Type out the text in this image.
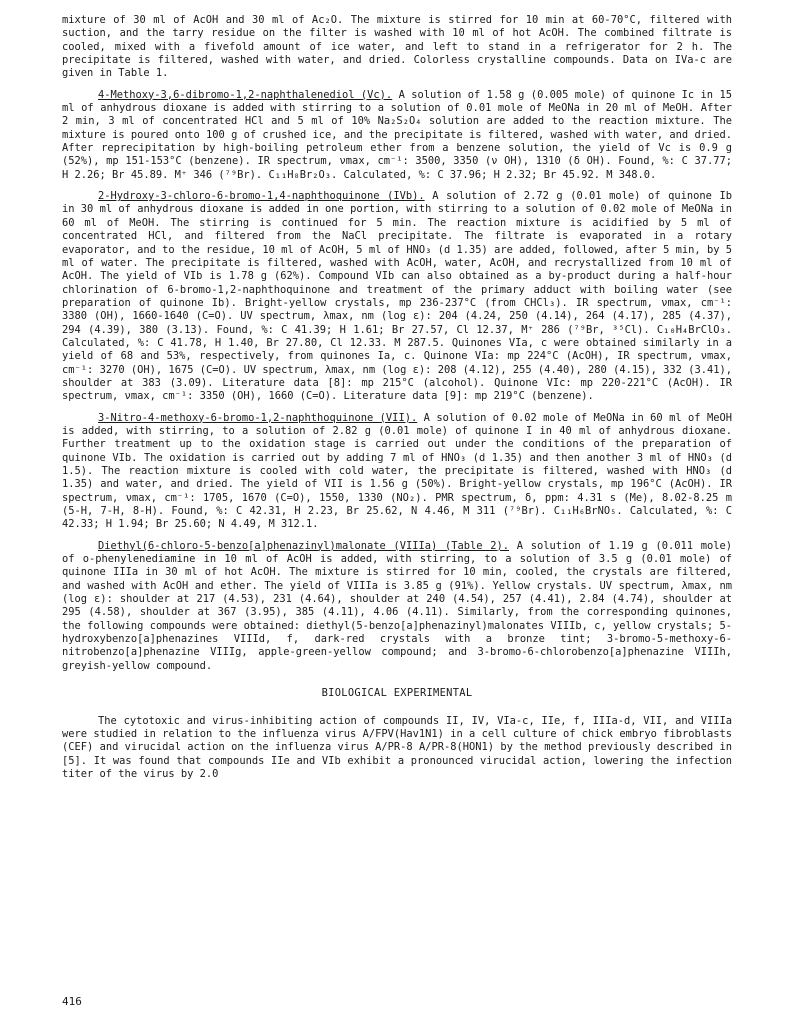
mixture of 30 ml of AcOH and 30 ml of Ac₂O. The mixture is stirred for 10 min at 60-70°C, filtered with suction, and the tarry residue on the filter is washed with 10 ml of hot AcOH. The combined filtrate is cooled, mixed with a fivefold amount of ice water, and left to stand in a refrigerator for 2 h. The precipitate is filtered, washed with water, and dried. Colorless crystalline compounds. Data on IVa-c are given in Table 1.

4-Methoxy-3,6-dibromo-1,2-naphthalenediol (Vc). A solution of 1.58 g (0.005 mole) of quinone Ic in 15 ml of anhydrous dioxane is added with stirring to a solution of 0.01 mole of MeONa in 20 ml of MeOH. After 2 min, 3 ml of concentrated HCl and 5 ml of 10% Na₂S₂O₄ solution are added to the reaction mixture. The mixture is poured onto 100 g of crushed ice, and the precipitate is filtered, washed with water, and dried. After reprecipitation by high-boiling petroleum ether from a benzene solution, the yield of Vc is 0.9 g (52%), mp 151-153°C (benzene). IR spectrum, νmax, cm⁻¹: 3500, 3350 (ν OH), 1310 (δ OH). Found, %: C 37.77; H 2.26; Br 45.89. M⁺ 346 (⁷⁹Br). C₁₁H₈Br₂O₃. Calculated, %: C 37.96; H 2.32; Br 45.92. M 348.0.

2-Hydroxy-3-chloro-6-bromo-1,4-naphthoquinone (IVb). A solution of 2.72 g (0.01 mole) of quinone Ib in 30 ml of anhydrous dioxane is added in one portion, with stirring to a solution of 0.02 mole of MeONa in 60 ml of MeOH. The stirring is continued for 5 min. The reaction mixture is acidified by 5 ml of concentrated HCl, and filtered from the NaCl precipitate. The filtrate is evaporated in a rotary evaporator, and to the residue, 10 ml of AcOH, 5 ml of HNO₃ (d 1.35) are added, followed, after 5 min, by 5 ml of water. The precipitate is filtered, washed with AcOH, water, AcOH, and recrystallized from 10 ml of AcOH. The yield of VIb is 1.78 g (62%). Compound VIb can also obtained as a by-product during a half-hour chlorination of 6-bromo-1,2-naphthoquinone and treatment of the primary adduct with boiling water (see preparation of quinone Ib). Bright-yellow crystals, mp 236-237°C (from CHCl₃). IR spectrum, νmax, cm⁻¹: 3380 (OH), 1660-1640 (C=O). UV spectrum, λmax, nm (log ε): 204 (4.24, 250 (4.14), 264 (4.17), 285 (4.37), 294 (4.39), 380 (3.13). Found, %: C 41.39; H 1.61; Br 27.57, Cl 12.37, M⁺ 286 (⁷⁹Br, ³⁵Cl). C₁₀H₄BrClO₃. Calculated, %: C 41.78, H 1.40, Br 27.80, Cl 12.33. M 287.5. Quinones VIa, c were obtained similarly in a yield of 68 and 53%, respectively, from quinones Ia, c. Quinone VIa: mp 224°C (AcOH), IR spectrum, νmax, cm⁻¹: 3270 (OH), 1675 (C=O). UV spectrum, λmax, nm (log ε): 208 (4.12), 255 (4.40), 280 (4.15), 332 (3.41), shoulder at 383 (3.09). Literature data [8]: mp 215°C (alcohol). Quinone VIc: mp 220-221°C (AcOH). IR spectrum, νmax, cm⁻¹: 3350 (OH), 1660 (C=O). Literature data [9]: mp 219°C (benzene).

3-Nitro-4-methoxy-6-bromo-1,2-naphthoquinone (VII). A solution of 0.02 mole of MeONa in 60 ml of MeOH is added, with stirring, to a solution of 2.82 g (0.01 mole) of quinone I in 40 ml of anhydrous dioxane. Further treatment up to the oxidation stage is carried out under the conditions of the preparation of quinone VIb. The oxidation is carried out by adding 7 ml of HNO₃ (d 1.35) and then another 3 ml of HNO₃ (d 1.5). The reaction mixture is cooled with cold water, the precipitate is filtered, washed with HNO₃ (d 1.35) and water, and dried. The yield of VII is 1.56 g (50%). Bright-yellow crystals, mp 196°C (AcOH). IR spectrum, νmax, cm⁻¹: 1705, 1670 (C=O), 1550, 1330 (NO₂). PMR spectrum, δ, ppm: 4.31 s (Me), 8.02-8.25 m (5-H, 7-H, 8-H). Found, %: C 42.31, H 2.23, Br 25.62, N 4.46, M 311 (⁷⁹Br). C₁₁H₆BrNO₅. Calculated, %: C 42.33; H 1.94; Br 25.60; N 4.49, M 312.1.

Diethyl(6-chloro-5-benzo[a]phenazinyl)malonate (VIIIa) (Table 2). A solution of 1.19 g (0.011 mole) of o-phenylenediamine in 10 ml of AcOH is added, with stirring, to a solution of 3.5 g (0.01 mole) of quinone IIIa in 30 ml of hot AcOH. The mixture is stirred for 10 min, cooled, the crystals are filtered, and washed with AcOH and ether. The yield of VIIIa is 3.85 g (91%). Yellow crystals. UV spectrum, λmax, nm (log ε): shoulder at 217 (4.53), 231 (4.64), shoulder at 240 (4.54), 257 (4.41), 2.84 (4.74), shoulder at 295 (4.58), shoulder at 367 (3.95), 385 (4.11), 4.06 (4.11). Similarly, from the corresponding quinones, the following compounds were obtained: diethyl(5-benzo[a]phenazinyl)malonates VIIIb, c, yellow crystals; 5-hydroxybenzo[a]phenazines VIIId, f, dark-red crystals with a bronze tint; 3-bromo-5-methoxy-6-nitrobenzo[a]phenazine VIIIg, apple-green-yellow compound; and 3-bromo-6-chlorobenzo[a]phenazine VIIIh, greyish-yellow compound.

BIOLOGICAL EXPERIMENTAL

The cytotoxic and virus-inhibiting action of compounds II, IV, VIa-c, IIe, f, IIIa-d, VII, and VIIIa were studied in relation to the influenza virus A/FPV(Hav1N1) in a cell culture of chick embryo fibroblasts (CEF) and virucidal action on the influenza virus A/PR-8 A/PR-8(HON1) by the method previously described in [5]. It was found that compounds IIe and VIb exhibit a pronounced virucidal action, lowering the infection titer of the virus by 2.0

416
